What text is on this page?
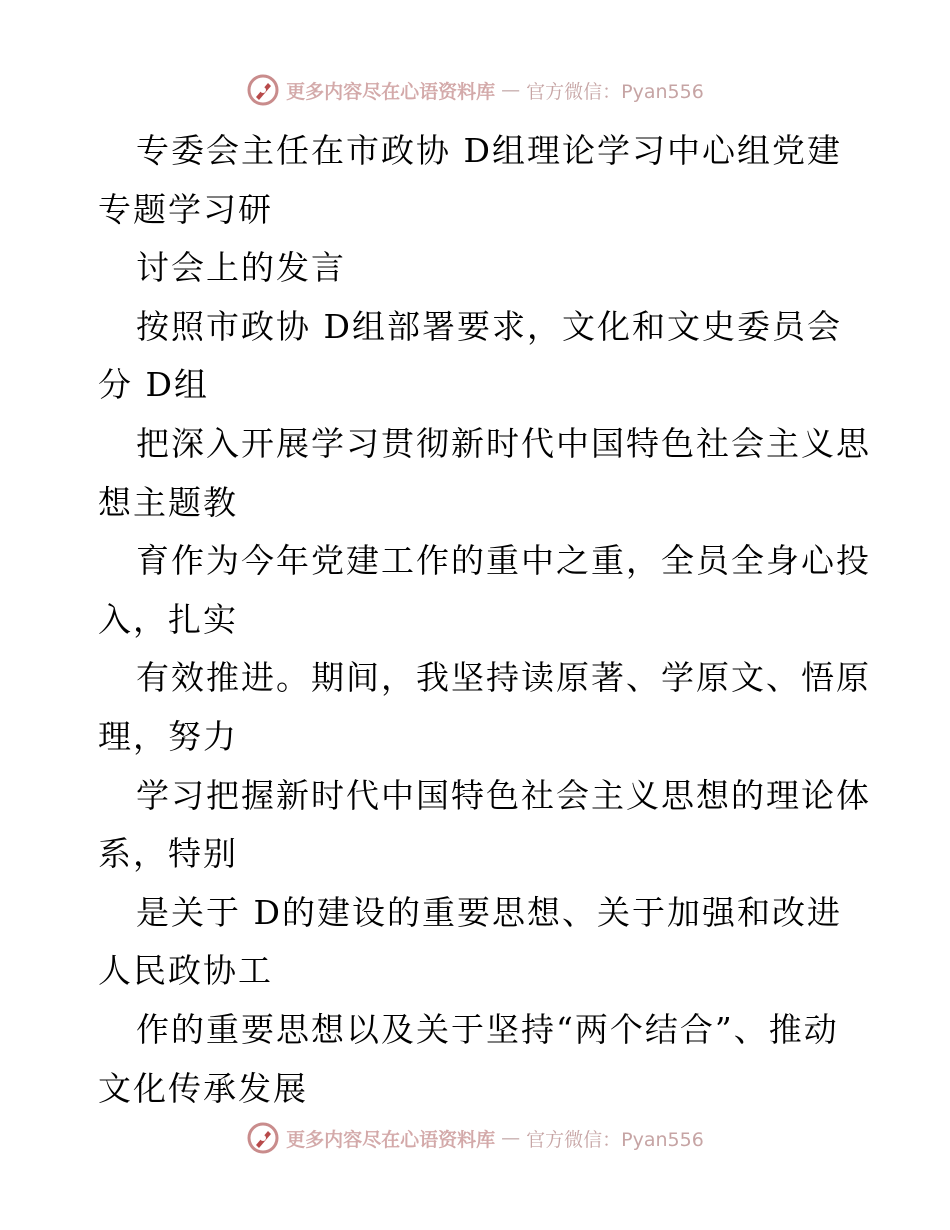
更多内容尽在心语资料库 — 官方微信：Pyan556
专委会主任在市政协 D组理论学习中心组党建
专题学习研
讨会上的发言
按照市政协 D组部署要求，文化和文史委员会
分 D组
把深入开展学习贯彻新时代中国特色社会主义思
想主题教
育作为今年党建工作的重中之重，全员全身心投
入，扎实
有效推进。期间，我坚持读原著、学原文、悟原
理，努力
学习把握新时代中国特色社会主义思想的理论体
系，特别
是关于 D的建设的重要思想、关于加强和改进
人民政协工
作的重要思想以及关于坚持“两个结合”、推动
文化传承发展
更多内容尽在心语资料库 — 官方微信：Pyan556
